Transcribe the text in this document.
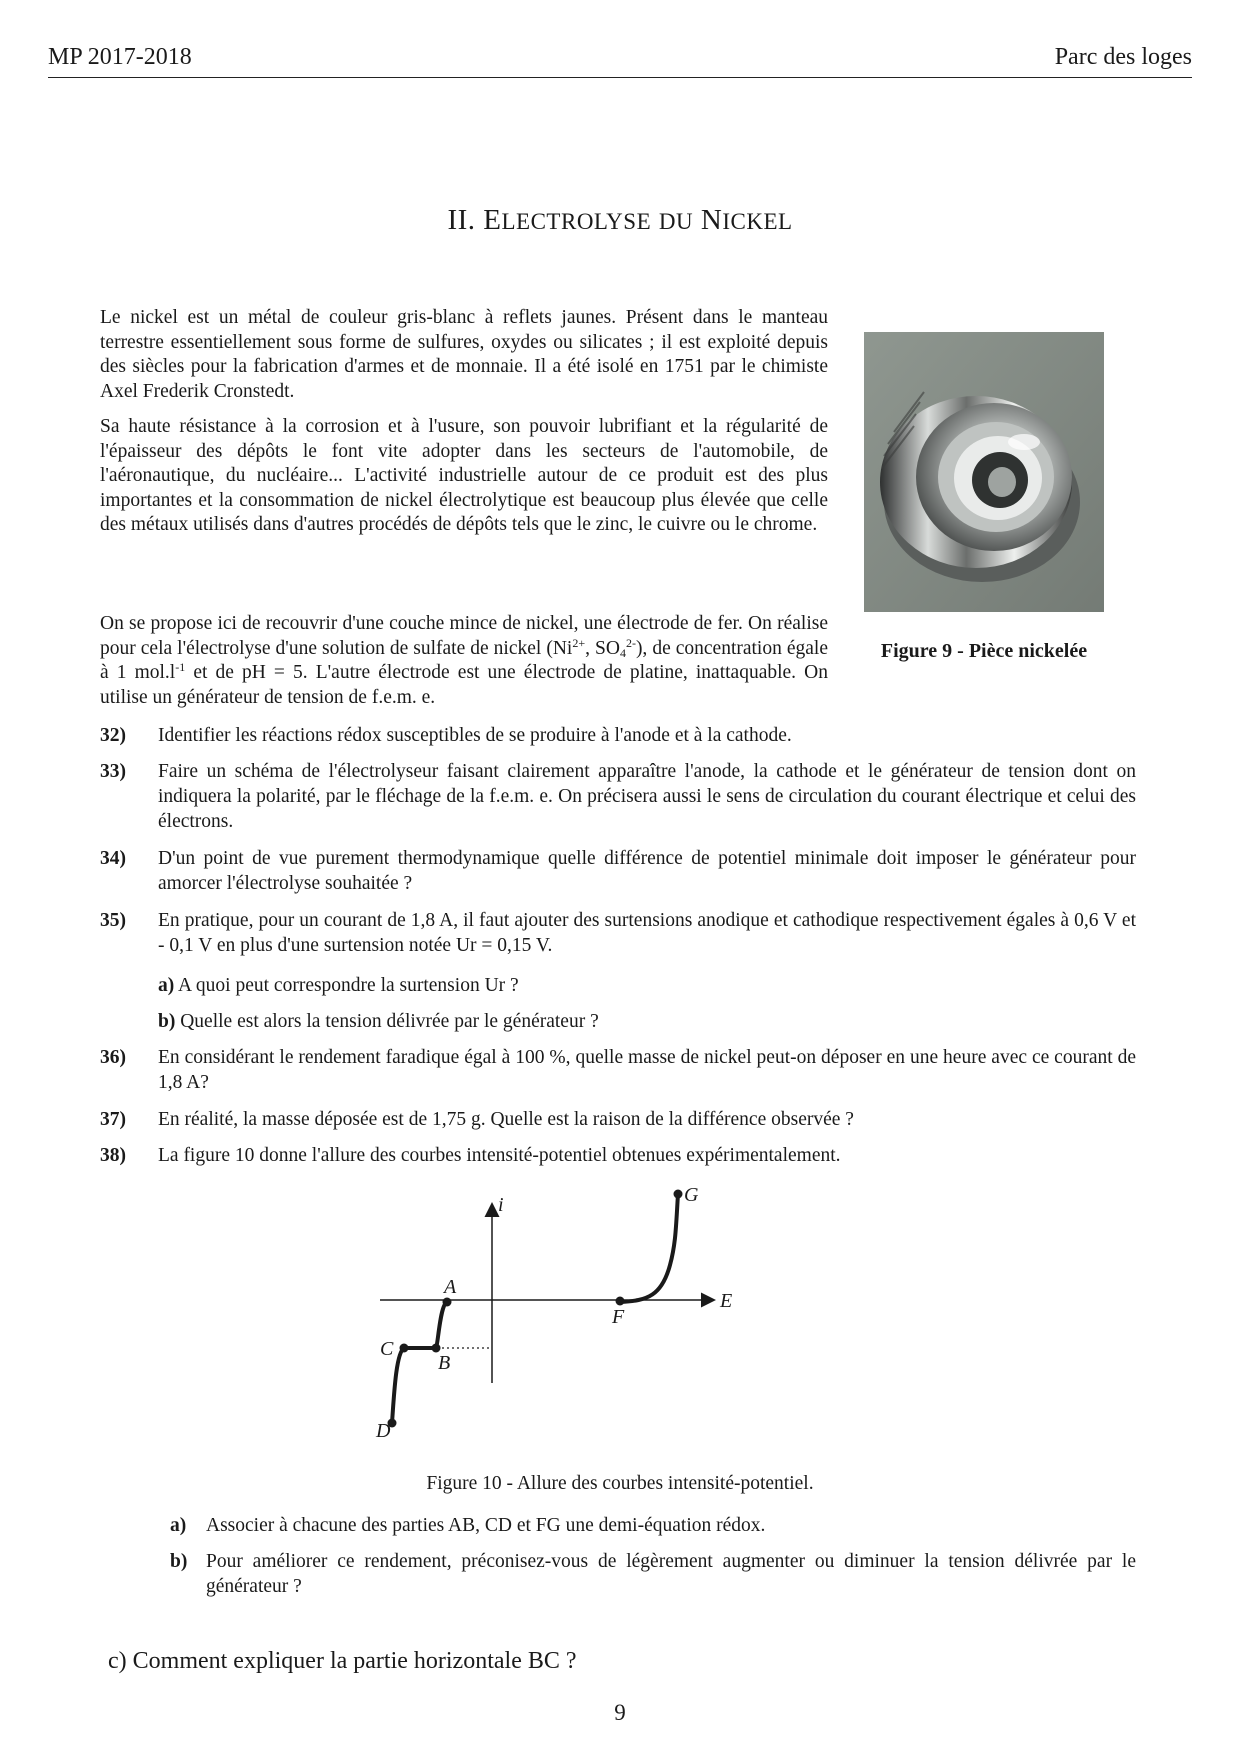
MP 2017-2018	Parc des loges
II. ELECTROLYSE DU NICKEL
Le nickel est un métal de couleur gris-blanc à reflets jaunes. Présent dans le manteau terrestre essentiellement sous forme de sulfures, oxydes ou silicates ; il est exploité depuis des siècles pour la fabrication d'armes et de monnaie. Il a été isolé en 1751 par le chimiste Axel Frederik Cronstedt.
Sa haute résistance à la corrosion et à l'usure, son pouvoir lubrifiant et la régularité de l'épaisseur des dépôts le font vite adopter dans les secteurs de l'automobile, de l'aéronautique, du nucléaire... L'activité industrielle autour de ce produit est des plus importantes et la consommation de nickel électrolytique est beaucoup plus élevée que celle des métaux utilisés dans d'autres procédés de dépôts tels que le zinc, le cuivre ou le chrome.
On se propose ici de recouvrir d'une couche mince de nickel, une électrode de fer. On réalise pour cela l'électrolyse d'une solution de sulfate de nickel ($Ni^{2+}$, $SO_4^{2-}$), de concentration égale à 1 $mol.l^{-1}$ et de pH = 5. L'autre électrode est une électrode de platine, inattaquable. On utilise un générateur de tension de f.e.m. e.
Figure 9 - Pièce nickelée
32) Identifier les réactions rédox susceptibles de se produire à l'anode et à la cathode.
33) Faire un schéma de l'électrolyseur faisant clairement apparaître l'anode, la cathode et le générateur de tension dont on indiquera la polarité, par le fléchage de la f.e.m. e. On précisera aussi le sens de circulation du courant électrique et celui des électrons.
34) D'un point de vue purement thermodynamique quelle différence de potentiel minimale doit imposer le générateur pour amorcer l'électrolyse souhaitée ?
35) En pratique, pour un courant de 1,8 A, il faut ajouter des surtensions anodique et cathodique respectivement égales à 0,6 V et - 0,1 V en plus d'une surtension notée Ur = 0,15 V.
a) A quoi peut correspondre la surtension Ur ?
b) Quelle est alors la tension délivrée par le générateur ?
36) En considérant le rendement faradique égal à 100 %, quelle masse de nickel peut-on déposer en une heure avec ce courant de 1,8 A?
37) En réalité, la masse déposée est de 1,75 g. Quelle est la raison de la différence observée ?
38) La figure 10 donne l'allure des courbes intensité-potentiel obtenues expérimentalement.
i
E
A
B
C
D
F
G
Figure 10 - Allure des courbes intensité-potentiel.
a) Associer à chacune des parties AB, CD et FG une demi-équation rédox.
b) Pour améliorer ce rendement, préconisez-vous de légèrement augmenter ou diminuer la tension délivrée par le générateur ?
c) Comment expliquer la partie horizontale BC ?
9
